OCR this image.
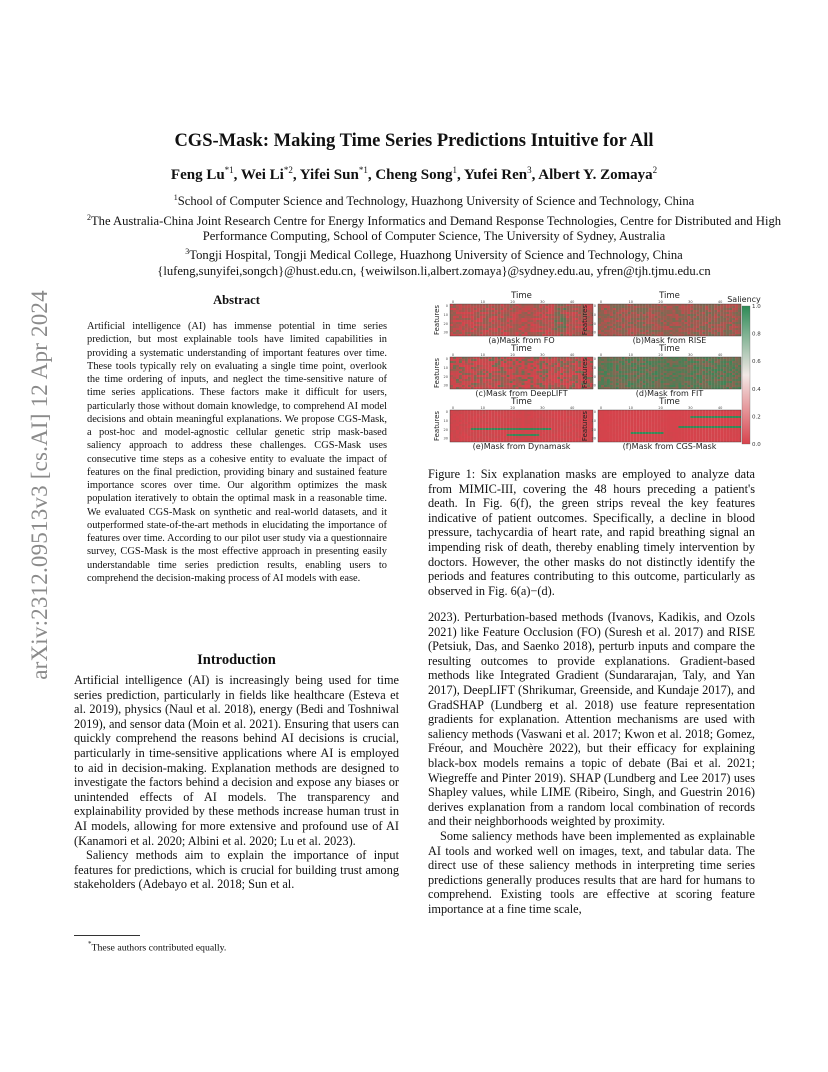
arXiv:2312.09513v3 [cs.AI] 12 Apr 2024
CGS-Mask: Making Time Series Predictions Intuitive for All
Feng Lu$^{*1}$, Wei Li$^{*2}$, Yifei Sun$^{*1}$, Cheng Song$^1$, Yufei Ren$^3$, Albert Y. Zomaya$^2$
$^1$School of Computer Science and Technology, Huazhong University of Science and Technology, China
$^2$The Australia-China Joint Research Centre for Energy Informatics and Demand Response Technologies, Centre for Distributed and High Performance Computing, School of Computer Science, The University of Sydney, Australia
$^3$Tongji Hospital, Tongji Medical College, Huazhong University of Science and Technology, China

{lufeng,sunyifei,songch}@hust.edu.cn, {weiwilson.li,albert.zomaya}@sydney.edu.au, yfren@tjh.tjmu.edu.cn
Abstract
Artificial intelligence (AI) has immense potential in time series prediction, but most explainable tools have limited capabilities in providing a systematic understanding of important features over time. These tools typically rely on evaluating a single time point, overlook the time ordering of inputs, and neglect the time-sensitive nature of time series applications. These factors make it difficult for users, particularly those without domain knowledge, to comprehend AI model decisions and obtain meaningful explanations. We propose CGS-Mask, a post-hoc and model-agnostic cellular genetic strip mask-based saliency approach to address these challenges. CGS-Mask uses consecutive time steps as a cohesive entity to evaluate the impact of features on the final prediction, providing binary and sustained feature importance scores over time. Our algorithm optimizes the mask population iteratively to obtain the optimal mask in a reasonable time. We evaluated CGS-Mask on synthetic and real-world datasets, and it outperformed state-of-the-art methods in elucidating the importance of features over time. According to our pilot user study via a questionnaire survey, CGS-Mask is the most effective approach in presenting easily understandable time series prediction results, enabling users to comprehend the decision-making process of AI models with ease.
Introduction

Artificial intelligence (AI) is increasingly being used for time series prediction, particularly in fields like healthcare (Esteva et al. 2019), physics (Naul et al. 2018), energy (Bedi and Toshniwal 2019), and sensor data (Moin et al. 2021). Ensuring that users can quickly comprehend the reasons behind AI decisions is crucial, particularly in time-sensitive applications where AI is employed to aid in decision-making. Explanation methods are designed to investigate the factors behind a decision and expose any biases or unintended effects of AI models. The transparency and explainability provided by these methods increase human trust in AI models, allowing for more extensive and profound use of AI (Kanamori et al. 2020; Albini et al. 2020; Lu et al. 2023).

Saliency methods aim to explain the importance of input features for predictions, which is crucial for building trust among stakeholders (Adebayo et al. 2018; Sun et al.

*These authors contributed equally.
Time
0	10	20	30	40
Features 0
10
20
30
(a)Mask from FO
Time
0	10	20	30	40
Features 0
10
20
30
(b)Mask from RISE
Time
0	10	20	30	40
Features 0
10
20
30
(c)Mask from DeepLIFT
Time
0	10	20	30	40
Features 0
10
20
30
(d)Mask from FIT
Time
0	10	20	30	40
Features 0
10
20
30
(e)Mask from Dynamask
Time
0	10	20	30	40
Features 0
10
20
30
(f)Mask from CGS-Mask
Saliency
1.0
0.8
0.6
0.4
0.2
0.0
Figure 1: Six explanation masks are employed to analyze data from MIMIC-III, covering the 48 hours preceding a patient's death. In Fig. 6(f), the green strips reveal the key features indicative of patient outcomes. Specifically, a decline in blood pressure, tachycardia of heart rate, and rapid breathing signal an impending risk of death, thereby enabling timely intervention by doctors. However, the other masks do not distinctly identify the periods and features contributing to this outcome, particularly as observed in Fig. 6(a)−(d).

2023). Perturbation-based methods (Ivanovs, Kadikis, and Ozols 2021) like Feature Occlusion (FO) (Suresh et al. 2017) and RISE (Petsiuk, Das, and Saenko 2018), perturb inputs and compare the resulting outcomes to provide explanations. Gradient-based methods like Integrated Gradient (Sundararajan, Taly, and Yan 2017), DeepLIFT (Shrikumar, Greenside, and Kundaje 2017), and GradSHAP (Lundberg et al. 2018) use feature representation gradients for explanation. Attention mechanisms are used with saliency methods (Vaswani et al. 2017; Kwon et al. 2018; Gomez, Fréour, and Mouchère 2022), but their efficacy for explaining black-box models remains a topic of debate (Bai et al. 2021; Wiegreffe and Pinter 2019). SHAP (Lundberg and Lee 2017) uses Shapley values, while LIME (Ribeiro, Singh, and Guestrin 2016) derives explanation from a random local combination of records and their neighborhoods weighted by proximity.

Some saliency methods have been implemented as explainable AI tools and worked well on images, text, and tabular data. The direct use of these saliency methods in interpreting time series predictions generally produces results that are hard for humans to comprehend. Existing tools are effective at scoring feature importance at a fine time scale,
